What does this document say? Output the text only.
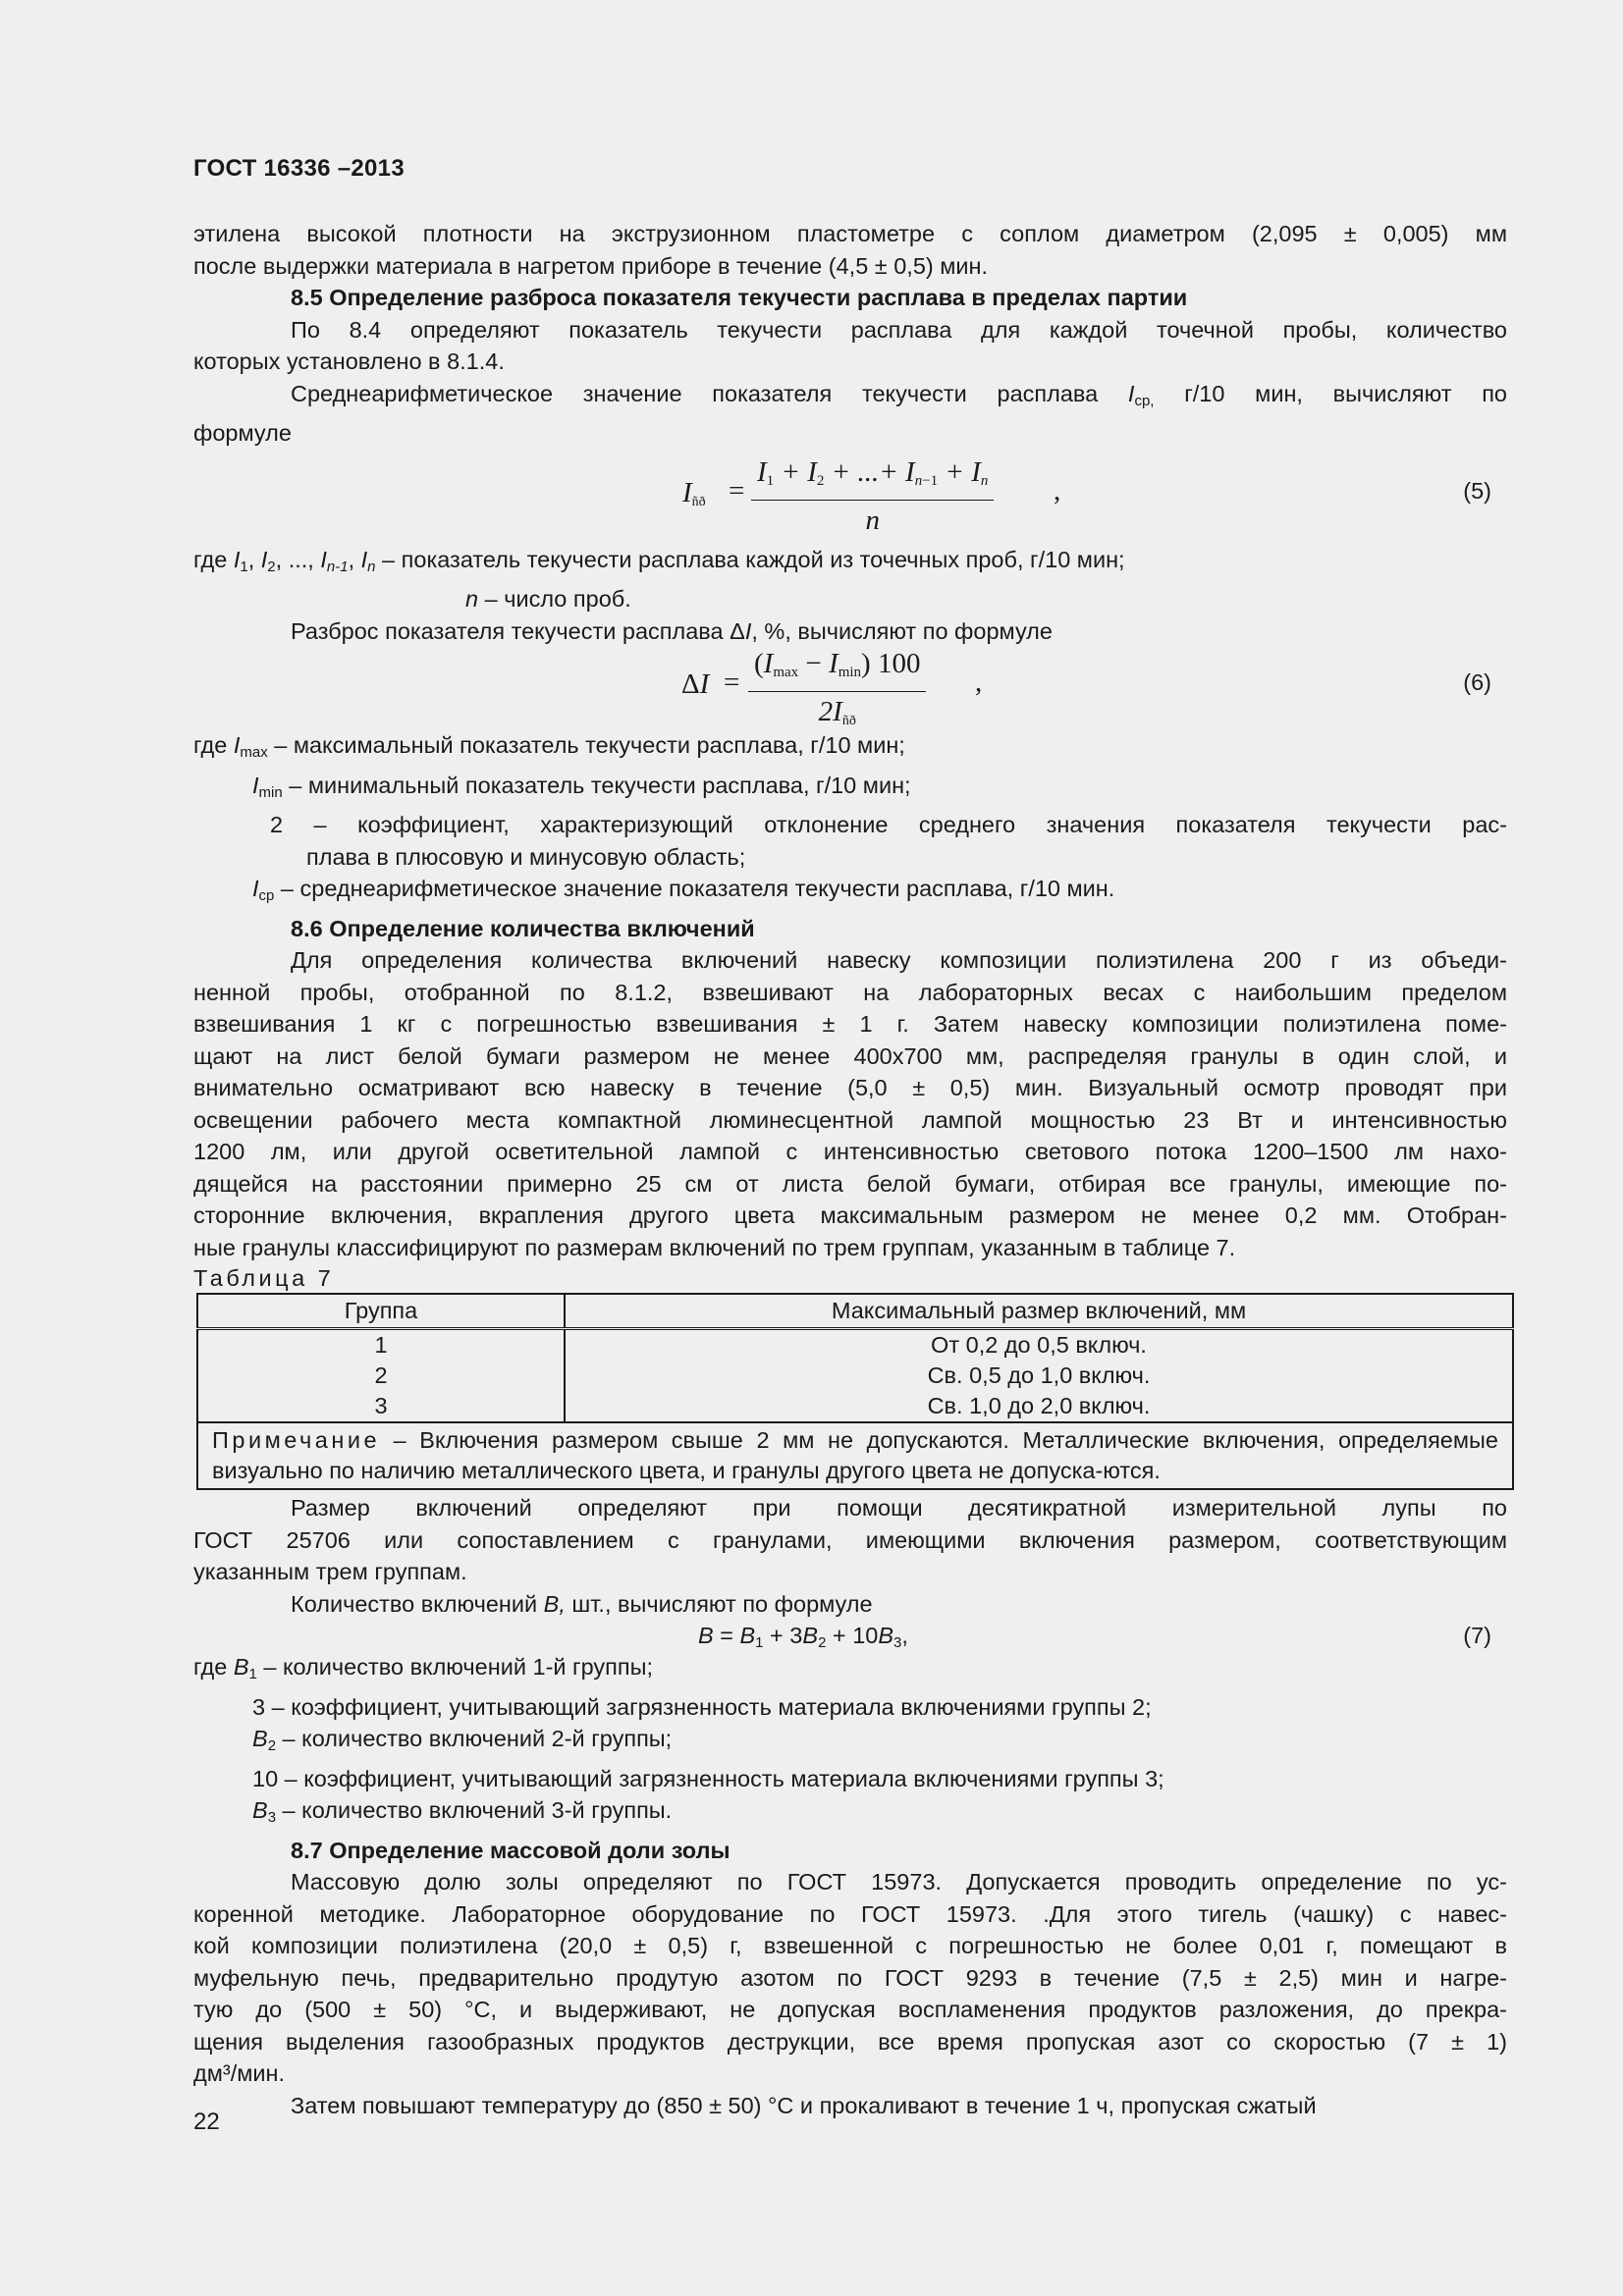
ГОСТ 16336 –2013
этилена высокой плотности на экструзионном пластометре с соплом диаметром (2,095 ± 0,005) мм
после выдержки материала в нагретом приборе в течение (4,5 ± 0,5) мин.
8.5 Определение разброса показателя текучести расплава в пределах партии
По 8.4 определяют показатель текучести расплава для каждой точечной пробы, количество
которых установлено в 8.1.4.
Среднеарифметическое значение показателя текучести расплава $I_{ср,}$ г/10 мин, вычисляют по
формуле
$I_{ñð} = \frac{I_1 + I_2 + ...+ I_{n-1} + I_n}{n}$ ,	(5)
где $I_1$, $I_2$, ..., $I_{n-1}$, $I_n$ – показатель текучести расплава каждой из точечных проб, г/10 мин;
n – число проб.
Разброс показателя текучести расплава ΔI, %, вычисляют по формуле
ΔI =
$(I_{max} - I_{min})$ 100
$2I_{ñð}$
,	(6)
где $I_{max}$ – максимальный показатель текучести расплава, г/10 мин;
$I_{min}$ – минимальный показатель текучести расплава, г/10 мин;
2 – коэффициент, характеризующий отклонение среднего значения показателя текучести рас-
плава в плюсовую и минусовую область;
$I_{ср}$ – среднеарифметическое значение показателя текучести расплава, г/10 мин.
8.6 Определение количества включений
Для определения количества включений навеску композиции полиэтилена 200 г из объеди-
ненной пробы, отобранной по 8.1.2, взвешивают на лабораторных весах с наибольшим пределом
взвешивания 1 кг с погрешностью взвешивания ± 1 г. Затем навеску композиции полиэтилена поме-
щают на лист белой бумаги размером не менее 400х700 мм, распределяя гранулы в один слой, и
внимательно осматривают всю навеску в течение (5,0 ± 0,5) мин. Визуальный осмотр проводят при
освещении рабочего места компактной люминесцентной лампой мощностью 23 Вт и интенсивностью
1200 лм, или другой осветительной лампой с интенсивностью светового потока 1200–1500 лм нахо-
дящейся на расстоянии примерно 25 см от листа белой бумаги, отбирая все гранулы, имеющие по-
сторонние включения, вкрапления другого цвета максимальным размером не менее 0,2 мм. Отобран-
ные гранулы классифицируют по размерам включений по трем группам, указанным в таблице 7.
Таблица 7
Группа	Максимальный размер включений, мм
1	От 0,2 до 0,5 включ.
2	Св. 0,5 до 1,0 включ.
3	Св. 1,0 до 2,0 включ.
Примечание – Включения размером свыше 2 мм не допускаются. Металлические включения, определяемые визуально по наличию металлического цвета, и гранулы другого цвета не допуска-ются.	
Размер включений определяют при помощи десятикратной измерительной лупы по
ГОСТ 25706 или сопоставлением с гранулами, имеющими включения размером, соответствующим
указанным трем группам.
Количество включений В, шт., вычисляют по формуле
$B = B_1 + 3B_2 + 10B_3$,	(7)
где $В_1$ – количество включений 1-й группы;
3 – коэффициент, учитывающий загрязненность материала включениями группы 2;
$В_2$ – количество включений 2-й группы;
10 – коэффициент, учитывающий загрязненность материала включениями группы 3;
$В_3$ – количество включений 3-й группы.
8.7 Определение массовой доли золы
Массовую долю золы определяют по ГОСТ 15973. Допускается проводить определение по ус-
коренной методике. Лабораторное оборудование по ГОСТ 15973. .Для этого тигель (чашку) с навес-
кой композиции полиэтилена (20,0 ± 0,5) г, взвешенной с погрешностью не более 0,01 г, помещают в
муфельную печь, предварительно продутую азотом по ГОСТ 9293 в течение (7,5 ± 2,5) мин и нагре-
тую до (500 ± 50) °С, и выдерживают, не допуская воспламенения продуктов разложения, до прекра-
щения выделения газообразных продуктов деструкции, все время пропуская азот со скоростью (7 ± 1)
дм³/мин.
Затем повышают температуру до (850 ± 50) °С и прокаливают в течение 1 ч, пропуская сжатый
22
